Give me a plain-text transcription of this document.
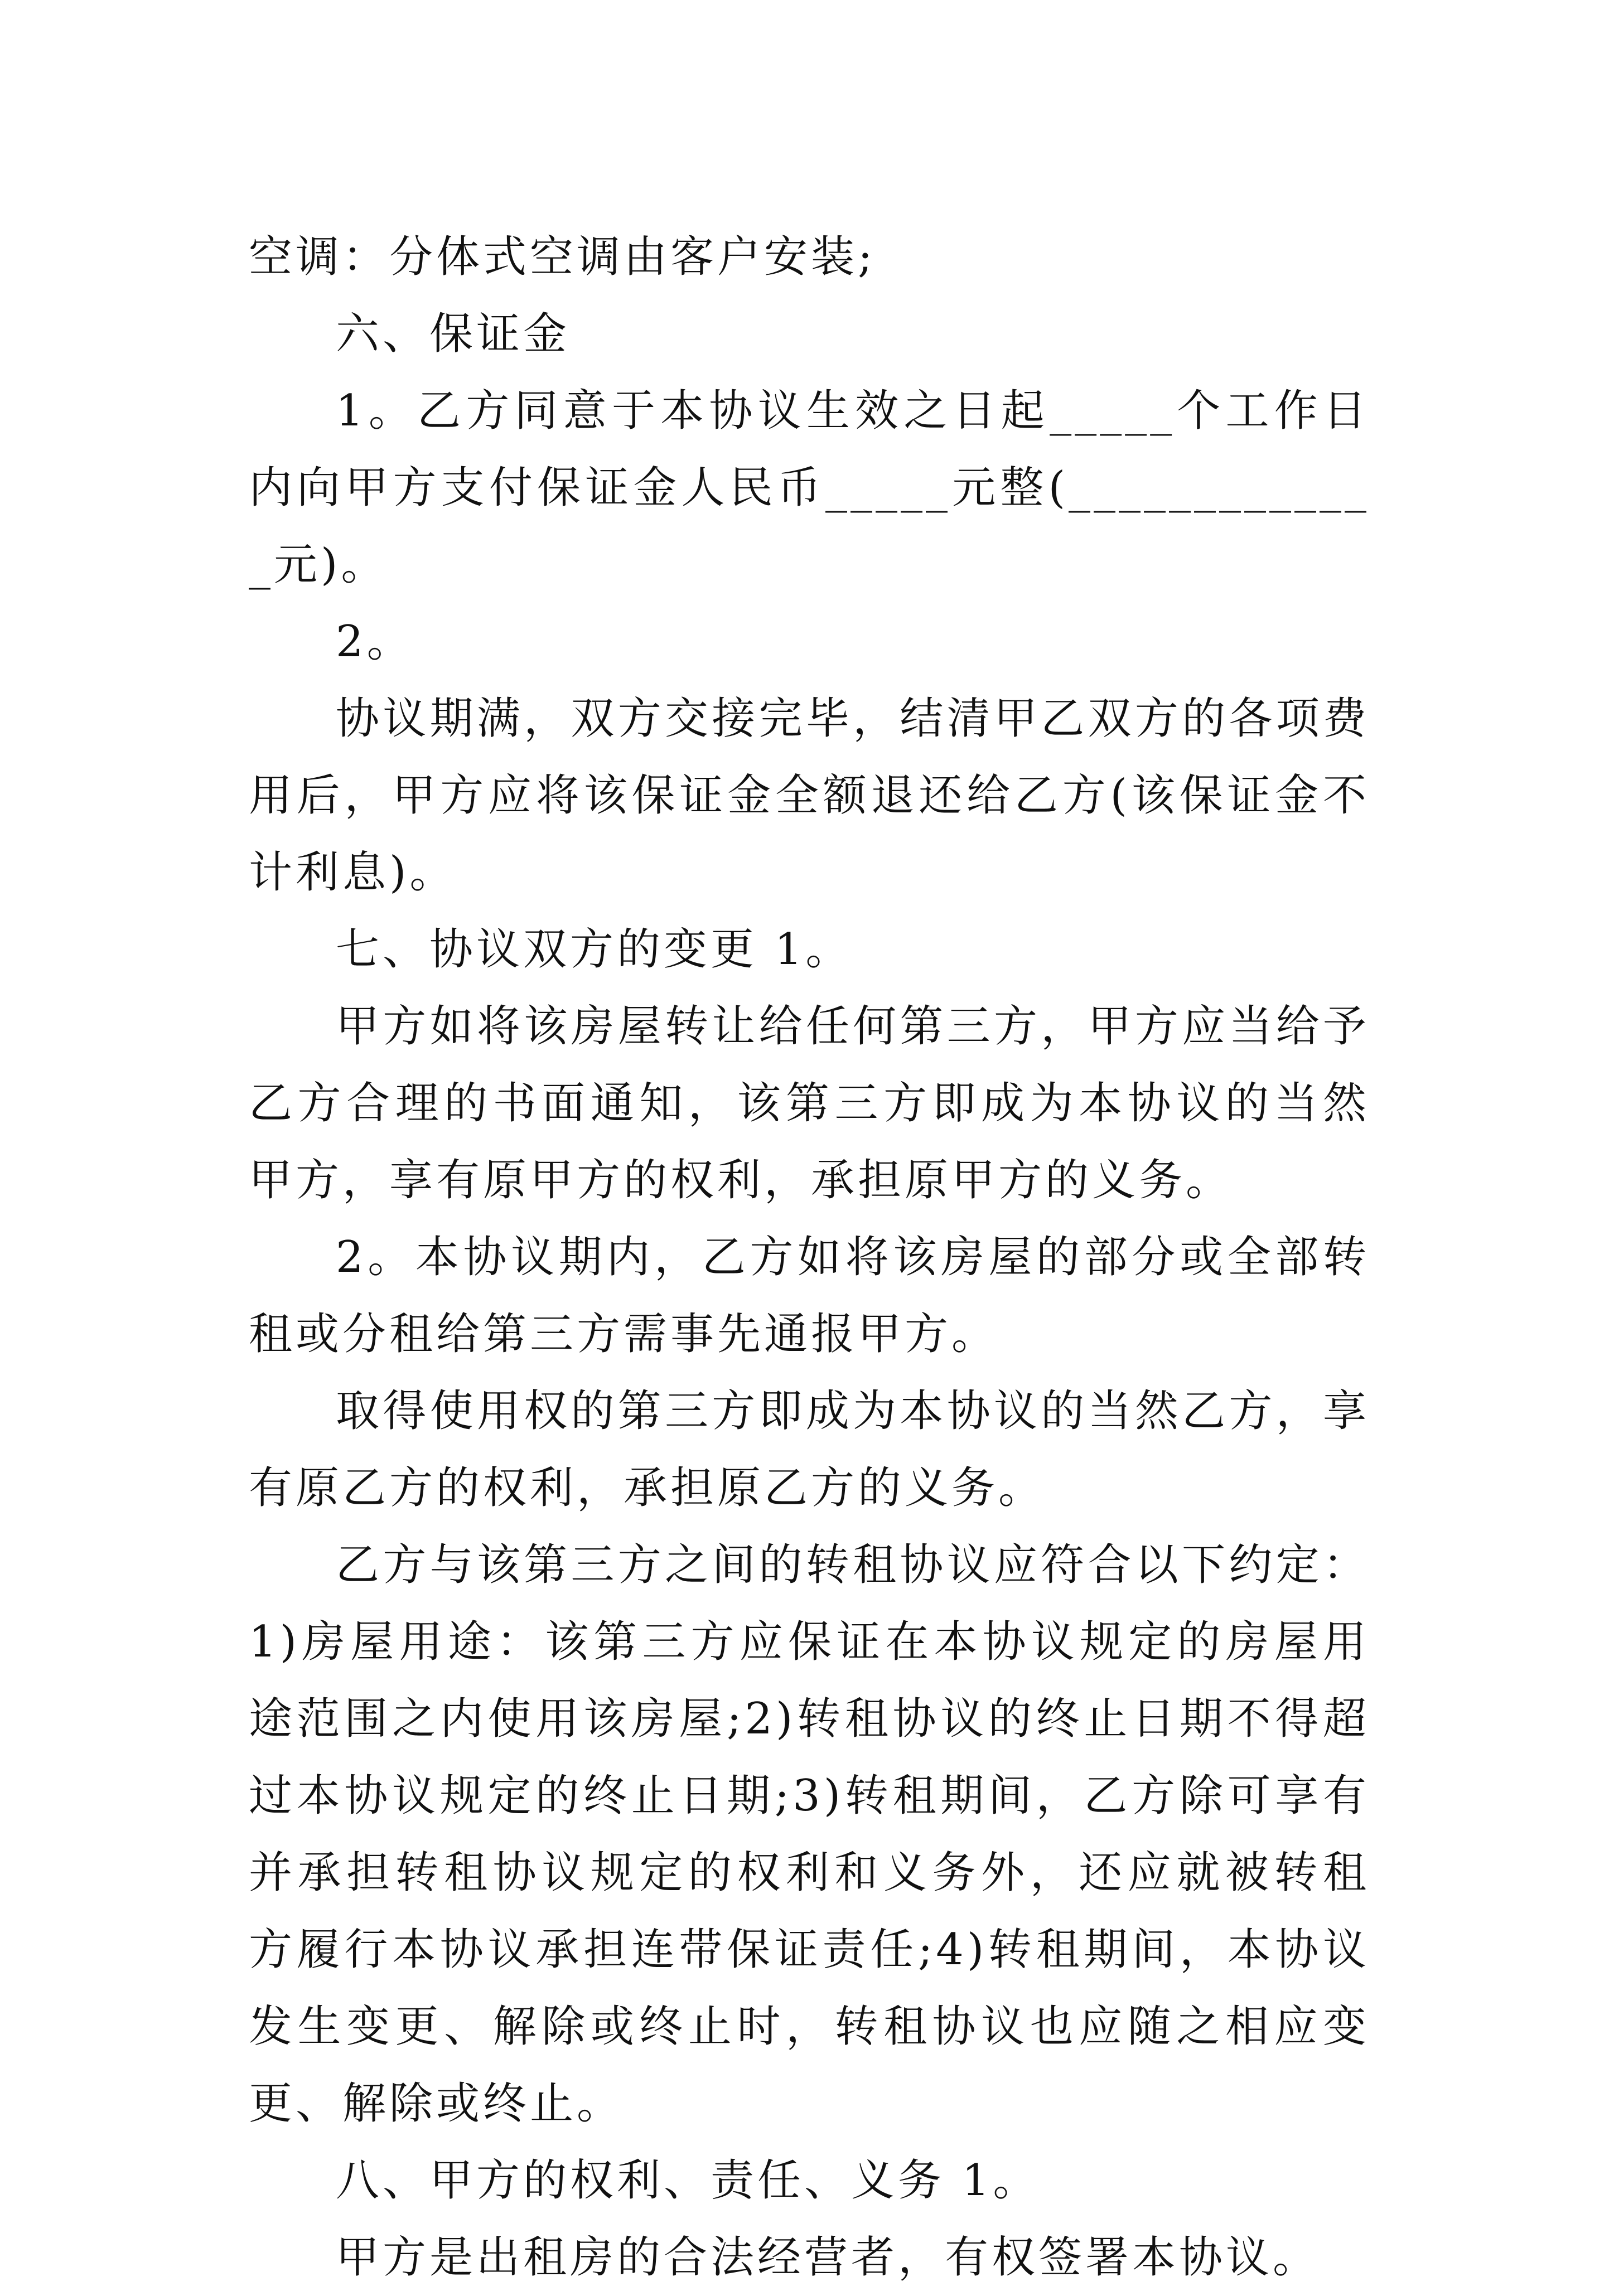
空调：分体式空调由客户安装;

六、保证金

1。乙方同意于本协议生效之日起_____个工作日内向甲方支付保证金人民币_____元整(_____________元)。

2。

协议期满，双方交接完毕，结清甲乙双方的各项费用后，甲方应将该保证金全额退还给乙方(该保证金不计利息)。

七、协议双方的变更 1。

甲方如将该房屋转让给任何第三方，甲方应当给予乙方合理的书面通知，该第三方即成为本协议的当然甲方，享有原甲方的权利，承担原甲方的义务。

2。本协议期内，乙方如将该房屋的部分或全部转租或分租给第三方需事先通报甲方。

取得使用权的第三方即成为本协议的当然乙方，享有原乙方的权利，承担原乙方的义务。

乙方与该第三方之间的转租协议应符合以下约定：1)房屋用途：该第三方应保证在本协议规定的房屋用途范围之内使用该房屋;2)转租协议的终止日期不得超过本协议规定的终止日期;3)转租期间，乙方除可享有并承担转租协议规定的权利和义务外，还应就被转租方履行本协议承担连带保证责任;4)转租期间，本协议发生变更、解除或终止时，转租协议也应随之相应变更、解除或终止。

八、甲方的权利、责任、义务 1。

甲方是出租房的合法经营者，有权签署本协议。
